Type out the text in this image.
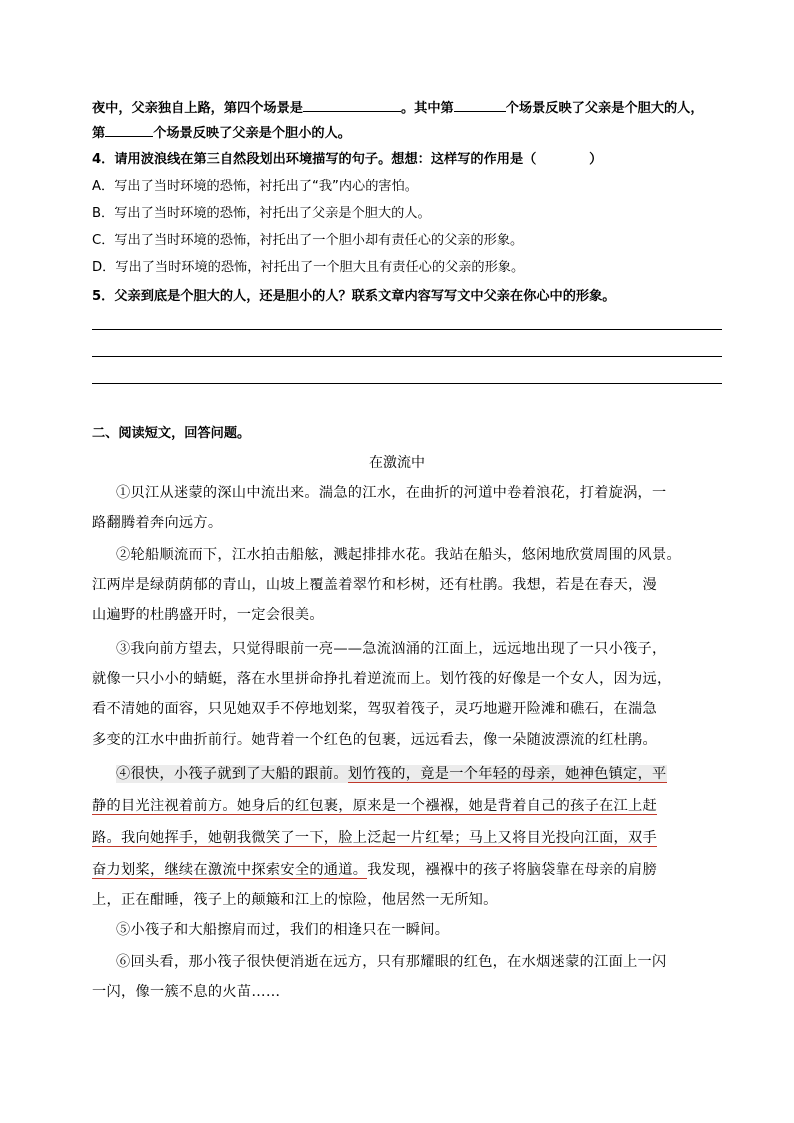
夜中，父亲独自上路，第四个场景是	。其中第	个场景反映了父亲是个胆大的人，
第	个场景反映了父亲是个胆小的人。
4．请用波浪线在第三自然段划出环境描写的句子。想想：这样写的作用是（　　　　）
A．写出了当时环境的恐怖，衬托出了“我”内心的害怕。
B．写出了当时环境的恐怖，衬托出了父亲是个胆大的人。
C．写出了当时环境的恐怖，衬托出了一个胆小却有责任心的父亲的形象。
D．写出了当时环境的恐怖，衬托出了一个胆大且有责任心的父亲的形象。
5．父亲到底是个胆大的人，还是胆小的人？联系文章内容写写文中父亲在你心中的形象。
二、阅读短文，回答问题。
在激流中
①贝江从迷蒙的深山中流出来。湍急的江水，在曲折的河道中卷着浪花，打着旋涡，一
路翻腾着奔向远方。
②轮船顺流而下，江水拍击船舷，溅起排排水花。我站在船头，悠闲地欣赏周围的风景。
江两岸是绿荫荫郁的青山，山坡上覆盖着翠竹和杉树，还有杜鹃。我想，若是在春天，漫
山遍野的杜鹃盛开时，一定会很美。
③我向前方望去，只觉得眼前一亮——急流汹涌的江面上，远远地出现了一只小筏子，
就像一只小小的蜻蜓，落在水里拼命挣扎着逆流而上。划竹筏的好像是一个女人，因为远，
看不清她的面容，只见她双手不停地划桨，驾驭着筏子，灵巧地避开险滩和礁石，在湍急
多变的江水中曲折前行。她背着一个红色的包裹，远远看去，像一朵随波漂流的红杜鹃。
④很快，小筏子就到了大船的跟前。划竹筏的，竟是一个年轻的母亲，她神色镇定，平
静的目光注视着前方。她身后的红包裹，原来是一个襁褓，她是背着自己的孩子在江上赶
路。我向她挥手，她朝我微笑了一下，脸上泛起一片红晕；马上又将目光投向江面，双手
奋力划桨，继续在激流中探索安全的通道。我发现，襁褓中的孩子将脑袋靠在母亲的肩膀
上，正在酣睡，筏子上的颠簸和江上的惊险，他居然一无所知。
⑤小筏子和大船擦肩而过，我们的相逢只在一瞬间。
⑥回头看，那小筏子很快便消逝在远方，只有那耀眼的红色，在水烟迷蒙的江面上一闪
一闪，像一簇不息的火苗……
